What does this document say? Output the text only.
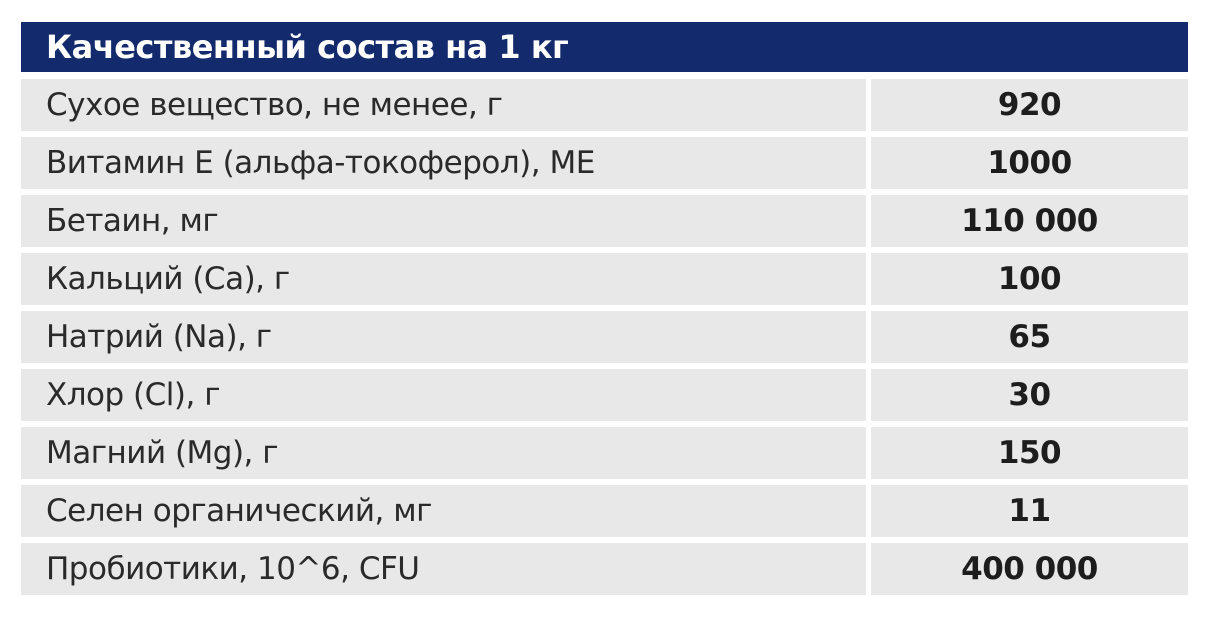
Качественный состав на 1 кг
Сухое вещество, не менее, г	920
Витамин Е (альфа-токоферол), МЕ	1000
Бетаин, мг	110 000
Кальций (Ca), г	100
Натрий (Na), г	65
Хлор (Cl), г	30
Магний (Mg), г	150
Селен органический, мг	11
Пробиотики, 10^6, CFU	400 000
